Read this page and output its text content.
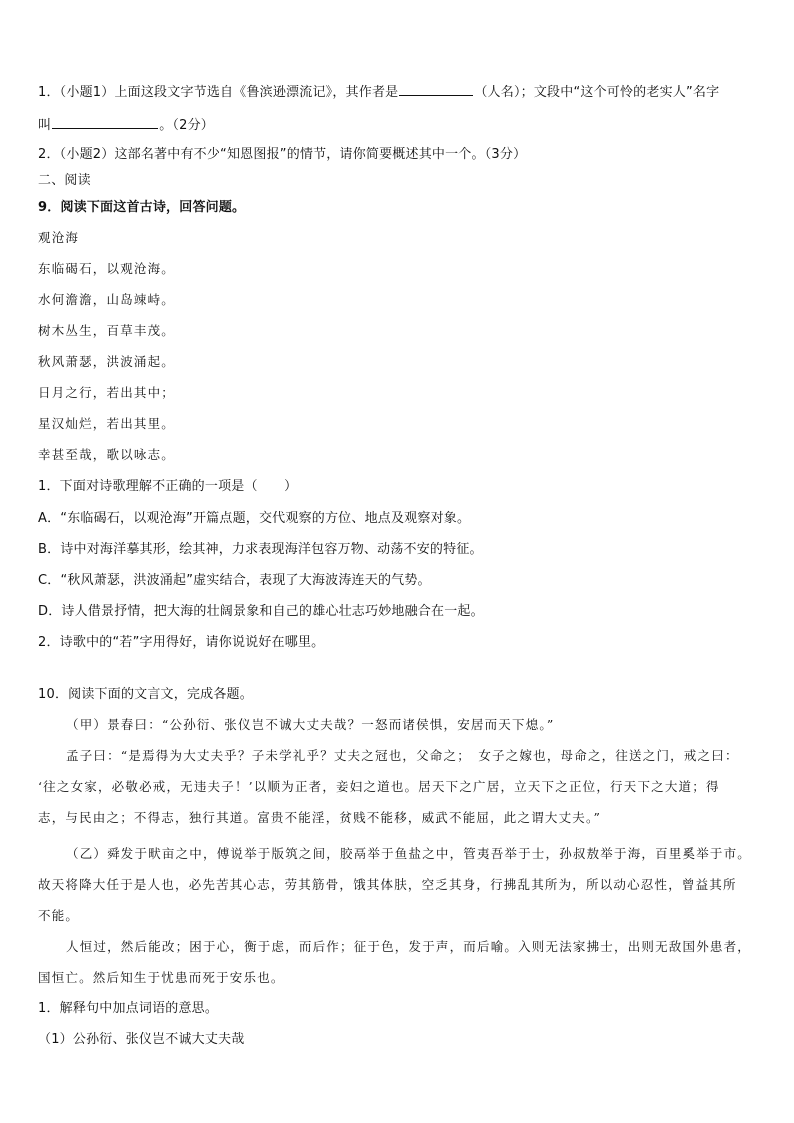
1．（小题1）上面这段文字节选自《鲁滨逊漂流记》，其作者是	（人名）；文段中“这个可怜的老实人”名字
叫	。（2分）
2．（小题2）这部名著中有不少“知恩图报”的情节，请你简要概述其中一个。（3分）
二、阅读
9．阅读下面这首古诗，回答问题。
观沧海
东临碣石，以观沧海。
水何澹澹，山岛竦峙。
树木丛生，百草丰茂。
秋风萧瑟，洪波涌起。
日月之行，若出其中；
星汉灿烂，若出其里。
幸甚至哉，歌以咏志。
1．下面对诗歌理解不正确的一项是（　　）
A．“东临碣石，以观沧海”开篇点题，交代观察的方位、地点及观察对象。
B．诗中对海洋摹其形，绘其神，力求表现海洋包容万物、动荡不安的特征。
C．“秋风萧瑟，洪波涌起”虚实结合，表现了大海波涛连天的气势。
D．诗人借景抒情，把大海的壮阔景象和自己的雄心壮志巧妙地融合在一起。
2．诗歌中的“若”字用得好，请你说说好在哪里。
10．阅读下面的文言文，完成各题。
（甲）景春曰：“公孙衍、张仪岂不诚大丈夫哉？一怒而诸侯惧，安居而天下熄。”
孟子曰：“是焉得为大丈夫乎？子未学礼乎？丈夫之冠也，父命之；　女子之嫁也，母命之，往送之门，戒之曰：
‘往之女家，必敬必戒，无违夫子！’以顺为正者，妾妇之道也。居天下之广居，立天下之正位，行天下之大道；得
志，与民由之；不得志，独行其道。富贵不能淫，贫贱不能移，威武不能屈，此之谓大丈夫。”
（乙）舜发于畎亩之中，傅说举于版筑之间，胶鬲举于鱼盐之中，管夷吾举于士，孙叔敖举于海，百里奚举于市。
故天将降大任于是人也，必先苦其心志，劳其筋骨，饿其体肤，空乏其身，行拂乱其所为，所以动心忍性，曾益其所
不能。
人恒过，然后能改；困于心，衡于虑，而后作；征于色，发于声，而后喻。入则无法家拂士，出则无敌国外患者，
国恒亡。然后知生于忧患而死于安乐也。
1．解释句中加点词语的意思。
（1）公孙衍、张仪岂不诚大丈夫哉
